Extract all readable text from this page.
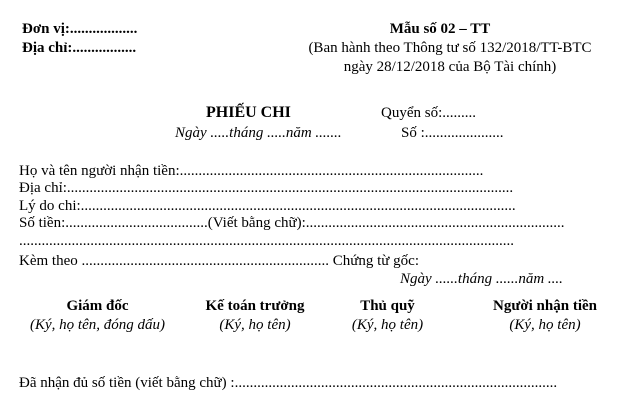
Đơn vị:..................
Địa chỉ:.................
Mẫu số 02 – TT
(Ban hành theo Thông tư số 132/2018/TT-BTC
ngày 28/12/2018 của Bộ Tài chính)
PHIẾU CHI
Ngày .....tháng .....năm .......
Quyển số:.........
Số :.....................
Họ và tên người nhận tiền:.................................................................................
Địa chỉ:.......................................................................................................................
Lý do chi:....................................................................................................................
Số tiền:......................................(Viết bằng chữ):.....................................................................
....................................................................................................................................
Kèm theo .................................................................. Chứng từ gốc:
Ngày ......tháng ......năm ....
Giám đốc
(Ký, họ tên, đóng dấu)
Kế toán trưởng
(Ký, họ tên)
Thủ quỹ
(Ký, họ tên)
Người nhận tiền
(Ký, họ tên)
Đã nhận đủ số tiền (viết bằng chữ) :......................................................................................
